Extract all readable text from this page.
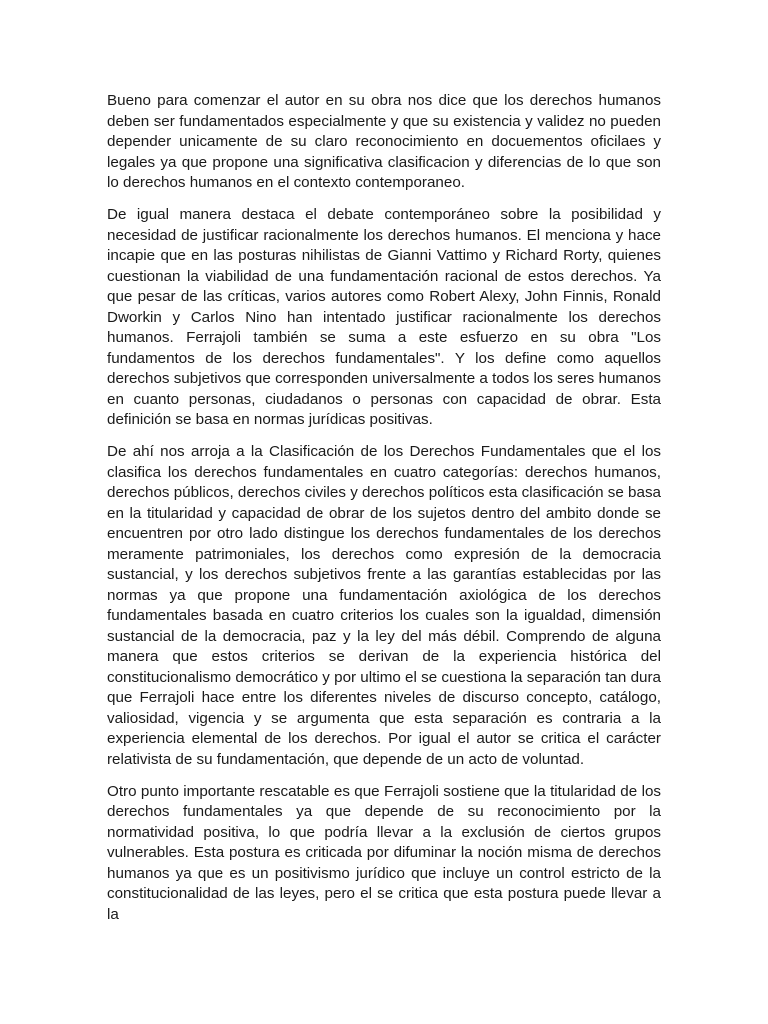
Bueno para comenzar el autor en su obra nos dice que los derechos humanos deben ser fundamentados especialmente y que su existencia y validez no pueden depender unicamente de su claro reconocimiento en docuementos oficilaes y legales ya que propone una significativa clasificacion y diferencias de lo que son lo derechos humanos en el contexto contemporaneo.

De igual manera destaca el debate contemporáneo sobre la posibilidad y necesidad de justificar racionalmente los derechos humanos. El menciona y hace incapie que en las posturas nihilistas de Gianni Vattimo y Richard Rorty, quienes cuestionan la viabilidad de una fundamentación racional de estos derechos. Ya que pesar de las críticas, varios autores como Robert Alexy, John Finnis, Ronald Dworkin y Carlos Nino han intentado justificar racionalmente los derechos humanos. Ferrajoli también se suma a este esfuerzo en su obra "Los fundamentos de los derechos fundamentales". Y los define como aquellos derechos subjetivos que corresponden universalmente a todos los seres humanos en cuanto personas, ciudadanos o personas con capacidad de obrar. Esta definición se basa en normas jurídicas positivas.

De ahí nos arroja a la Clasificación de los Derechos Fundamentales que el los clasifica los derechos fundamentales en cuatro categorías: derechos humanos, derechos públicos, derechos civiles y derechos políticos esta clasificación se basa en la titularidad y capacidad de obrar de los sujetos dentro del ambito donde se encuentren por otro lado distingue los derechos fundamentales de los derechos meramente patrimoniales, los derechos como expresión de la democracia sustancial, y los derechos subjetivos frente a las garantías establecidas por las normas ya que propone una fundamentación axiológica de los derechos fundamentales basada en cuatro criterios los cuales son la igualdad, dimensión sustancial de la democracia, paz y la ley del más débil. Comprendo de alguna manera que estos criterios se derivan de la experiencia histórica del constitucionalismo democrático y por ultimo el se cuestiona la separación tan dura que Ferrajoli hace entre los diferentes niveles de discurso concepto, catálogo, valiosidad, vigencia y se argumenta que esta separación es contraria a la experiencia elemental de los derechos. Por igual el autor se critica el carácter relativista de su fundamentación, que depende de un acto de voluntad.

Otro punto importante rescatable es que Ferrajoli sostiene que la titularidad de los derechos fundamentales ya que depende de su reconocimiento por la normatividad positiva, lo que podría llevar a la exclusión de ciertos grupos vulnerables. Esta postura es criticada por difuminar la noción misma de derechos humanos ya que es un positivismo jurídico que incluye un control estricto de la constitucionalidad de las leyes, pero el se critica que esta postura puede llevar a la
